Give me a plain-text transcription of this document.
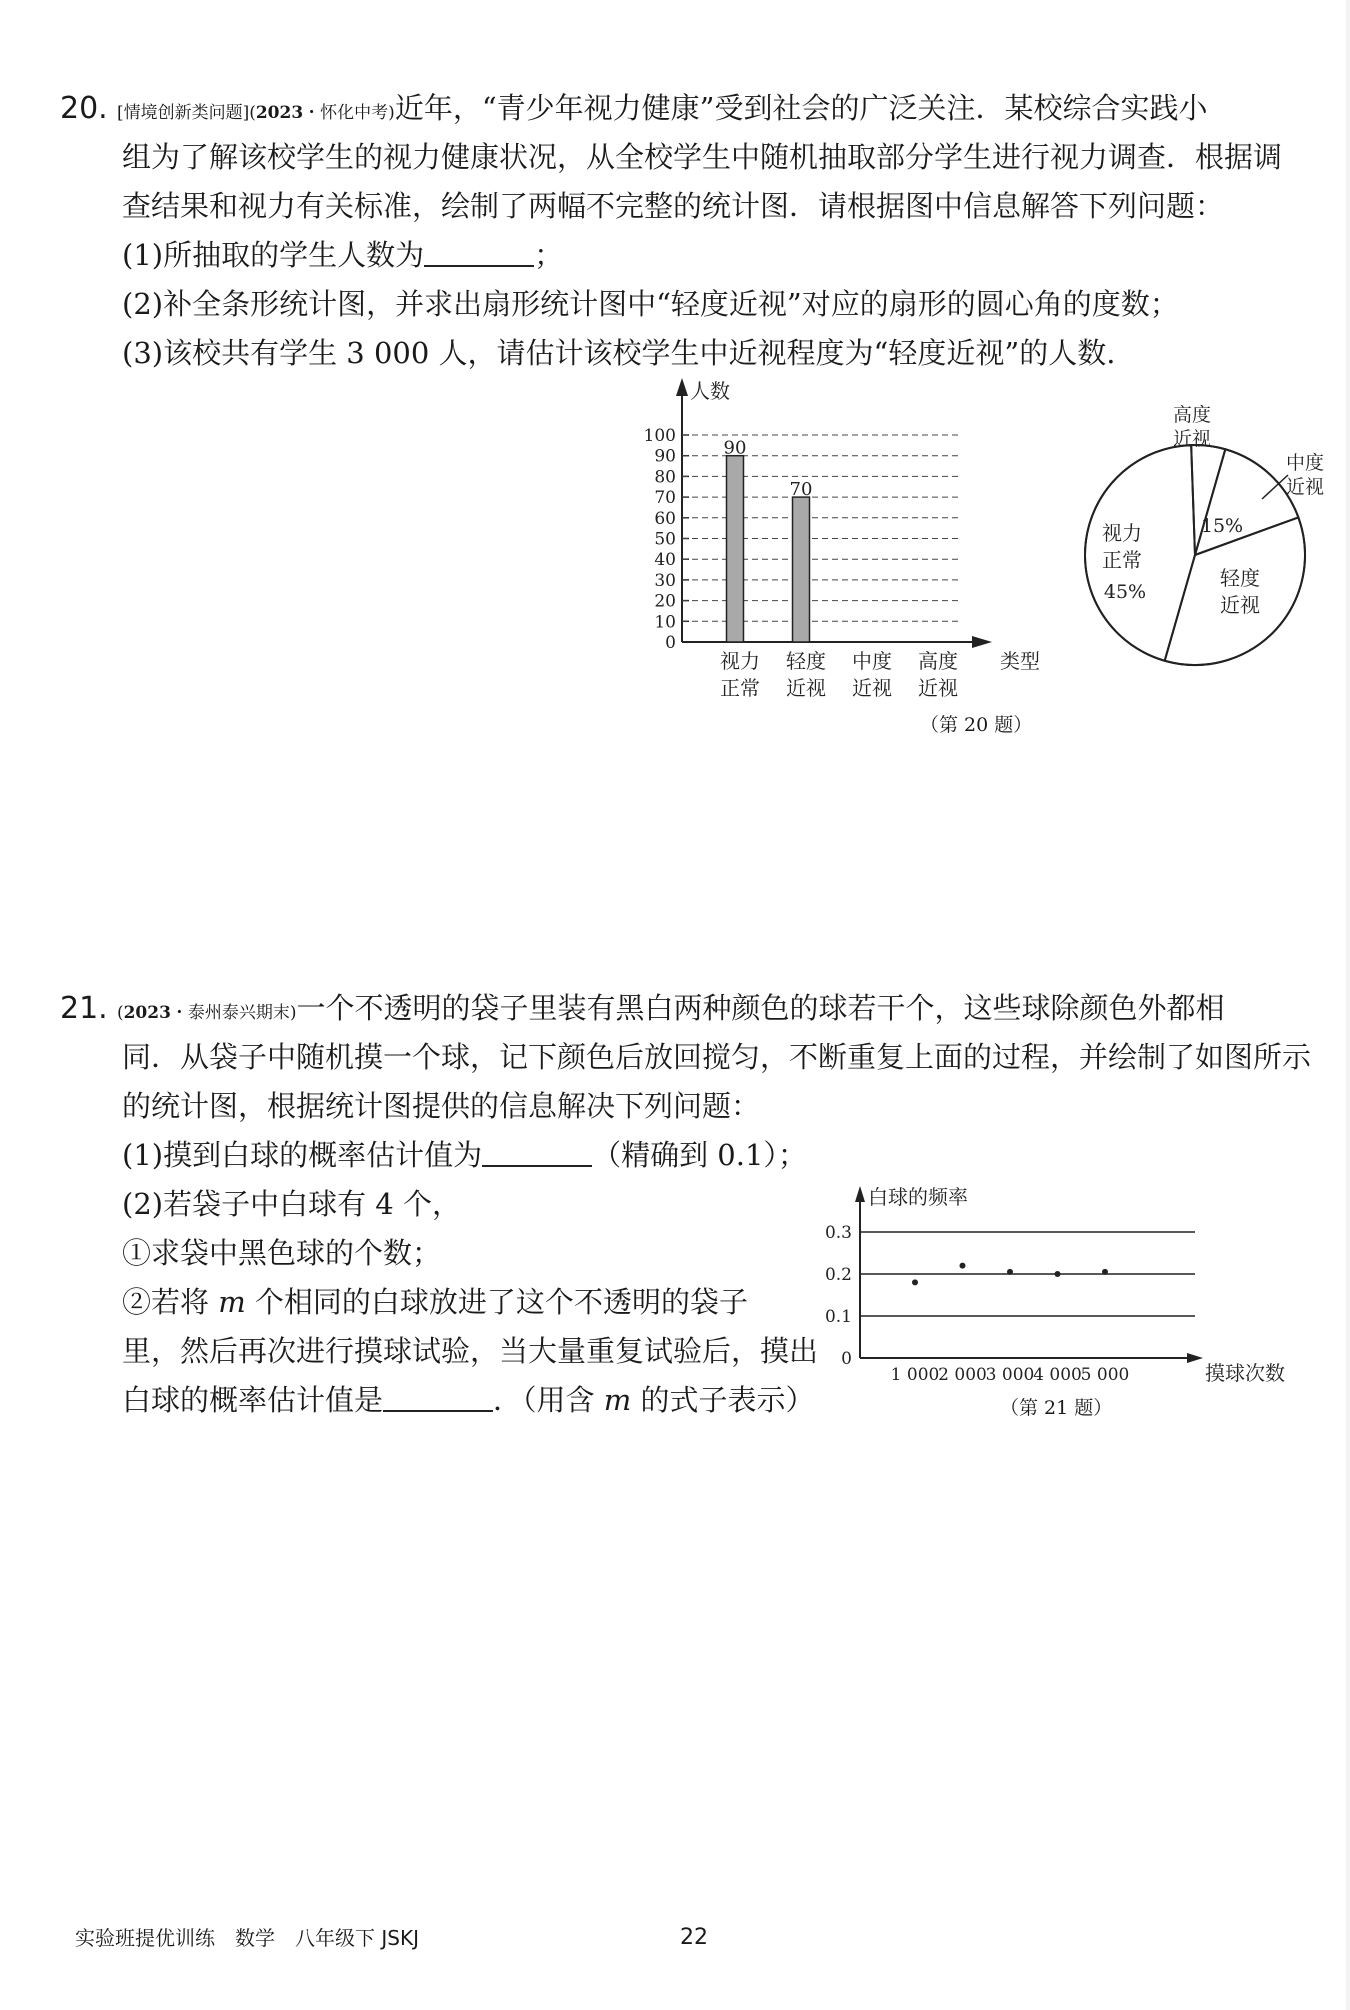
20. [情境创新类问题](2023・怀化中考)近年，“青少年视力健康”受到社会的广泛关注．某校综合实践小
组为了解该校学生的视力健康状况，从全校学生中随机抽取部分学生进行视力调查．根据调
查结果和视力有关标准，绘制了两幅不完整的统计图．请根据图中信息解答下列问题：
(1)所抽取的学生人数为	；
(2)补全条形统计图，并求出扇形统计图中“轻度近视”对应的扇形的圆心角的度数；
(3)该校共有学生 3 000 人，请估计该校学生中近视程度为“轻度近视”的人数.
人数
类型
0
10
20
30
40
50
60
70
80
90
100
90
视力
正常
70
轻度
近视
中度
近视
高度
近视
视力
正常
45%
轻度
近视
15%
中度
近视
高度
近视
（第 20 题）
21. (2023・泰州泰兴期末)一个不透明的袋子里装有黑白两种颜色的球若干个，这些球除颜色外都相
同．从袋子中随机摸一个球，记下颜色后放回搅匀，不断重复上面的过程，并绘制了如图所示
的统计图，根据统计图提供的信息解决下列问题：
(1)摸到白球的概率估计值为	（精确到 0.1）；
(2)若袋子中白球有 4 个，
①求袋中黑色球的个数；
②若将 m 个相同的白球放进了这个不透明的袋子
里，然后再次进行摸球试验，当大量重复试验后，摸出
白球的概率估计值是	．（用含 m 的式子表示）
白球的频率
摸球次数
0
0.1
0.2
0.3
1 000
2 000
3 000
4 000
5 000
（第 21 题）
实验班提优训练　数学　八年级下 JSKJ	22
